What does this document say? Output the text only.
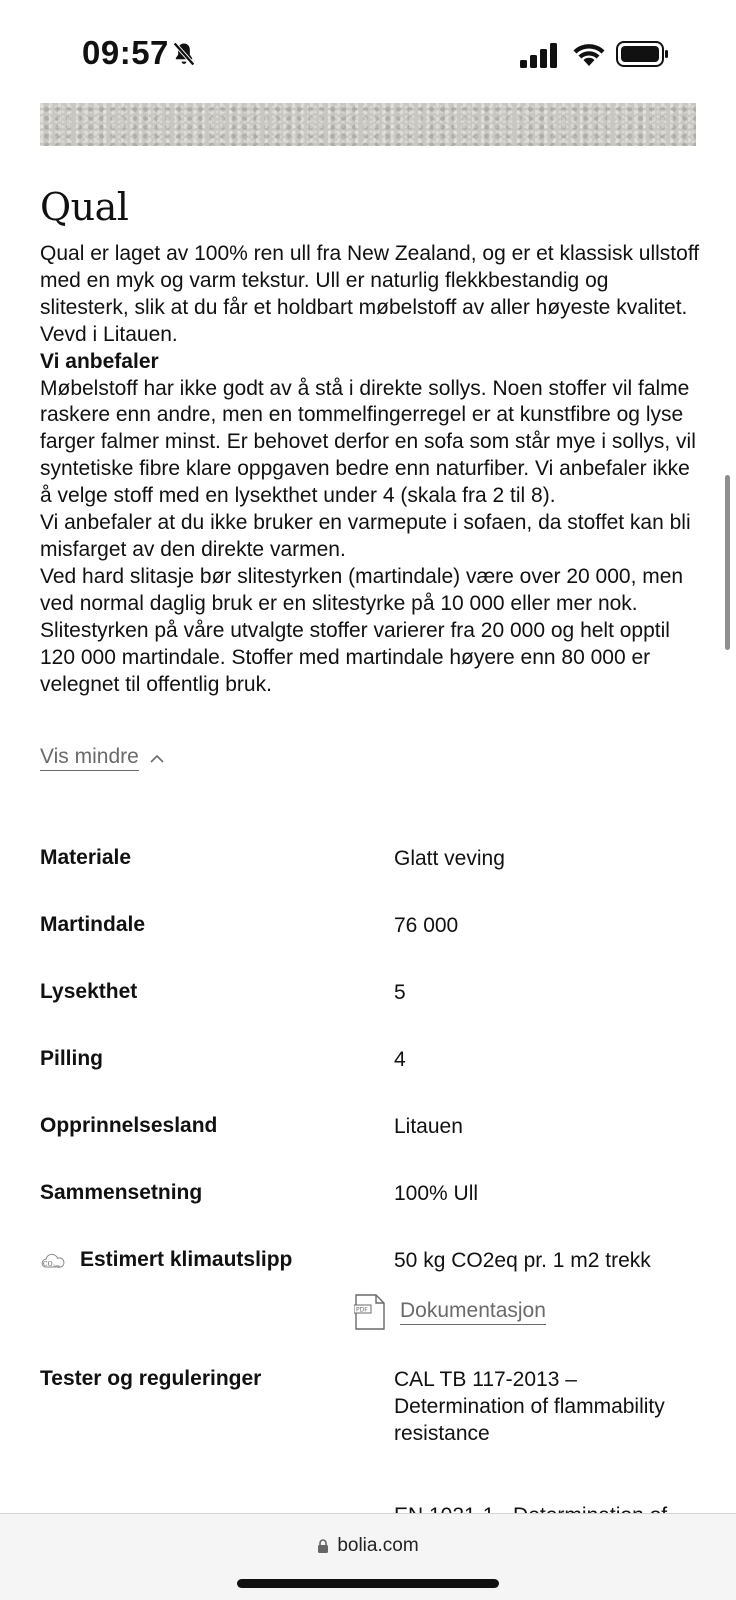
09:57
Qual

Qual er laget av 100% ren ull fra New Zealand, og er et klassisk ullstoff med en myk og varm tekstur. Ull er naturlig flekkbestandig og slitesterk, slik at du får et holdbart møbelstoff av aller høyeste kvalitet. Vevd i Litauen.

Vi anbefaler

Møbelstoff har ikke godt av å stå i direkte sollys. Noen stoffer vil falme raskere enn andre, men en tommelfingerregel er at kunstfibre og lyse farger falmer minst. Er behovet derfor en sofa som står mye i sollys, vil syntetiske fibre klare oppgaven bedre enn naturfiber. Vi anbefaler ikke å velge stoff med en lysekthet under 4 (skala fra 2 til 8).

Vi anbefaler at du ikke bruker en varmepute i sofaen, da stoffet kan bli misfarget av den direkte varmen.

Ved hard slitasje bør slitestyrken (martindale) være over 20 000, men ved normal daglig bruk er en slitestyrke på 10 000 eller mer nok. Slitestyrken på våre utvalgte stoffer varierer fra 20 000 og helt opptil 120 000 martindale. Stoffer med martindale høyere enn 80 000 er velegnet til offentlig bruk.

Vis mindre
Materiale	Glatt veving
Martindale	76 000
Lysekthet	5
Pilling	4
Opprinnelsesland	Litauen
Sammensetning	100% Ull
CO 2eq Estimert klimautslipp	50 kg CO2eq pr. 1 m2 trekk
PDF Dokumentasjon
Tester og reguleringer	CAL TB 117-2013 – Determination of flammability resistance
bolia.com
